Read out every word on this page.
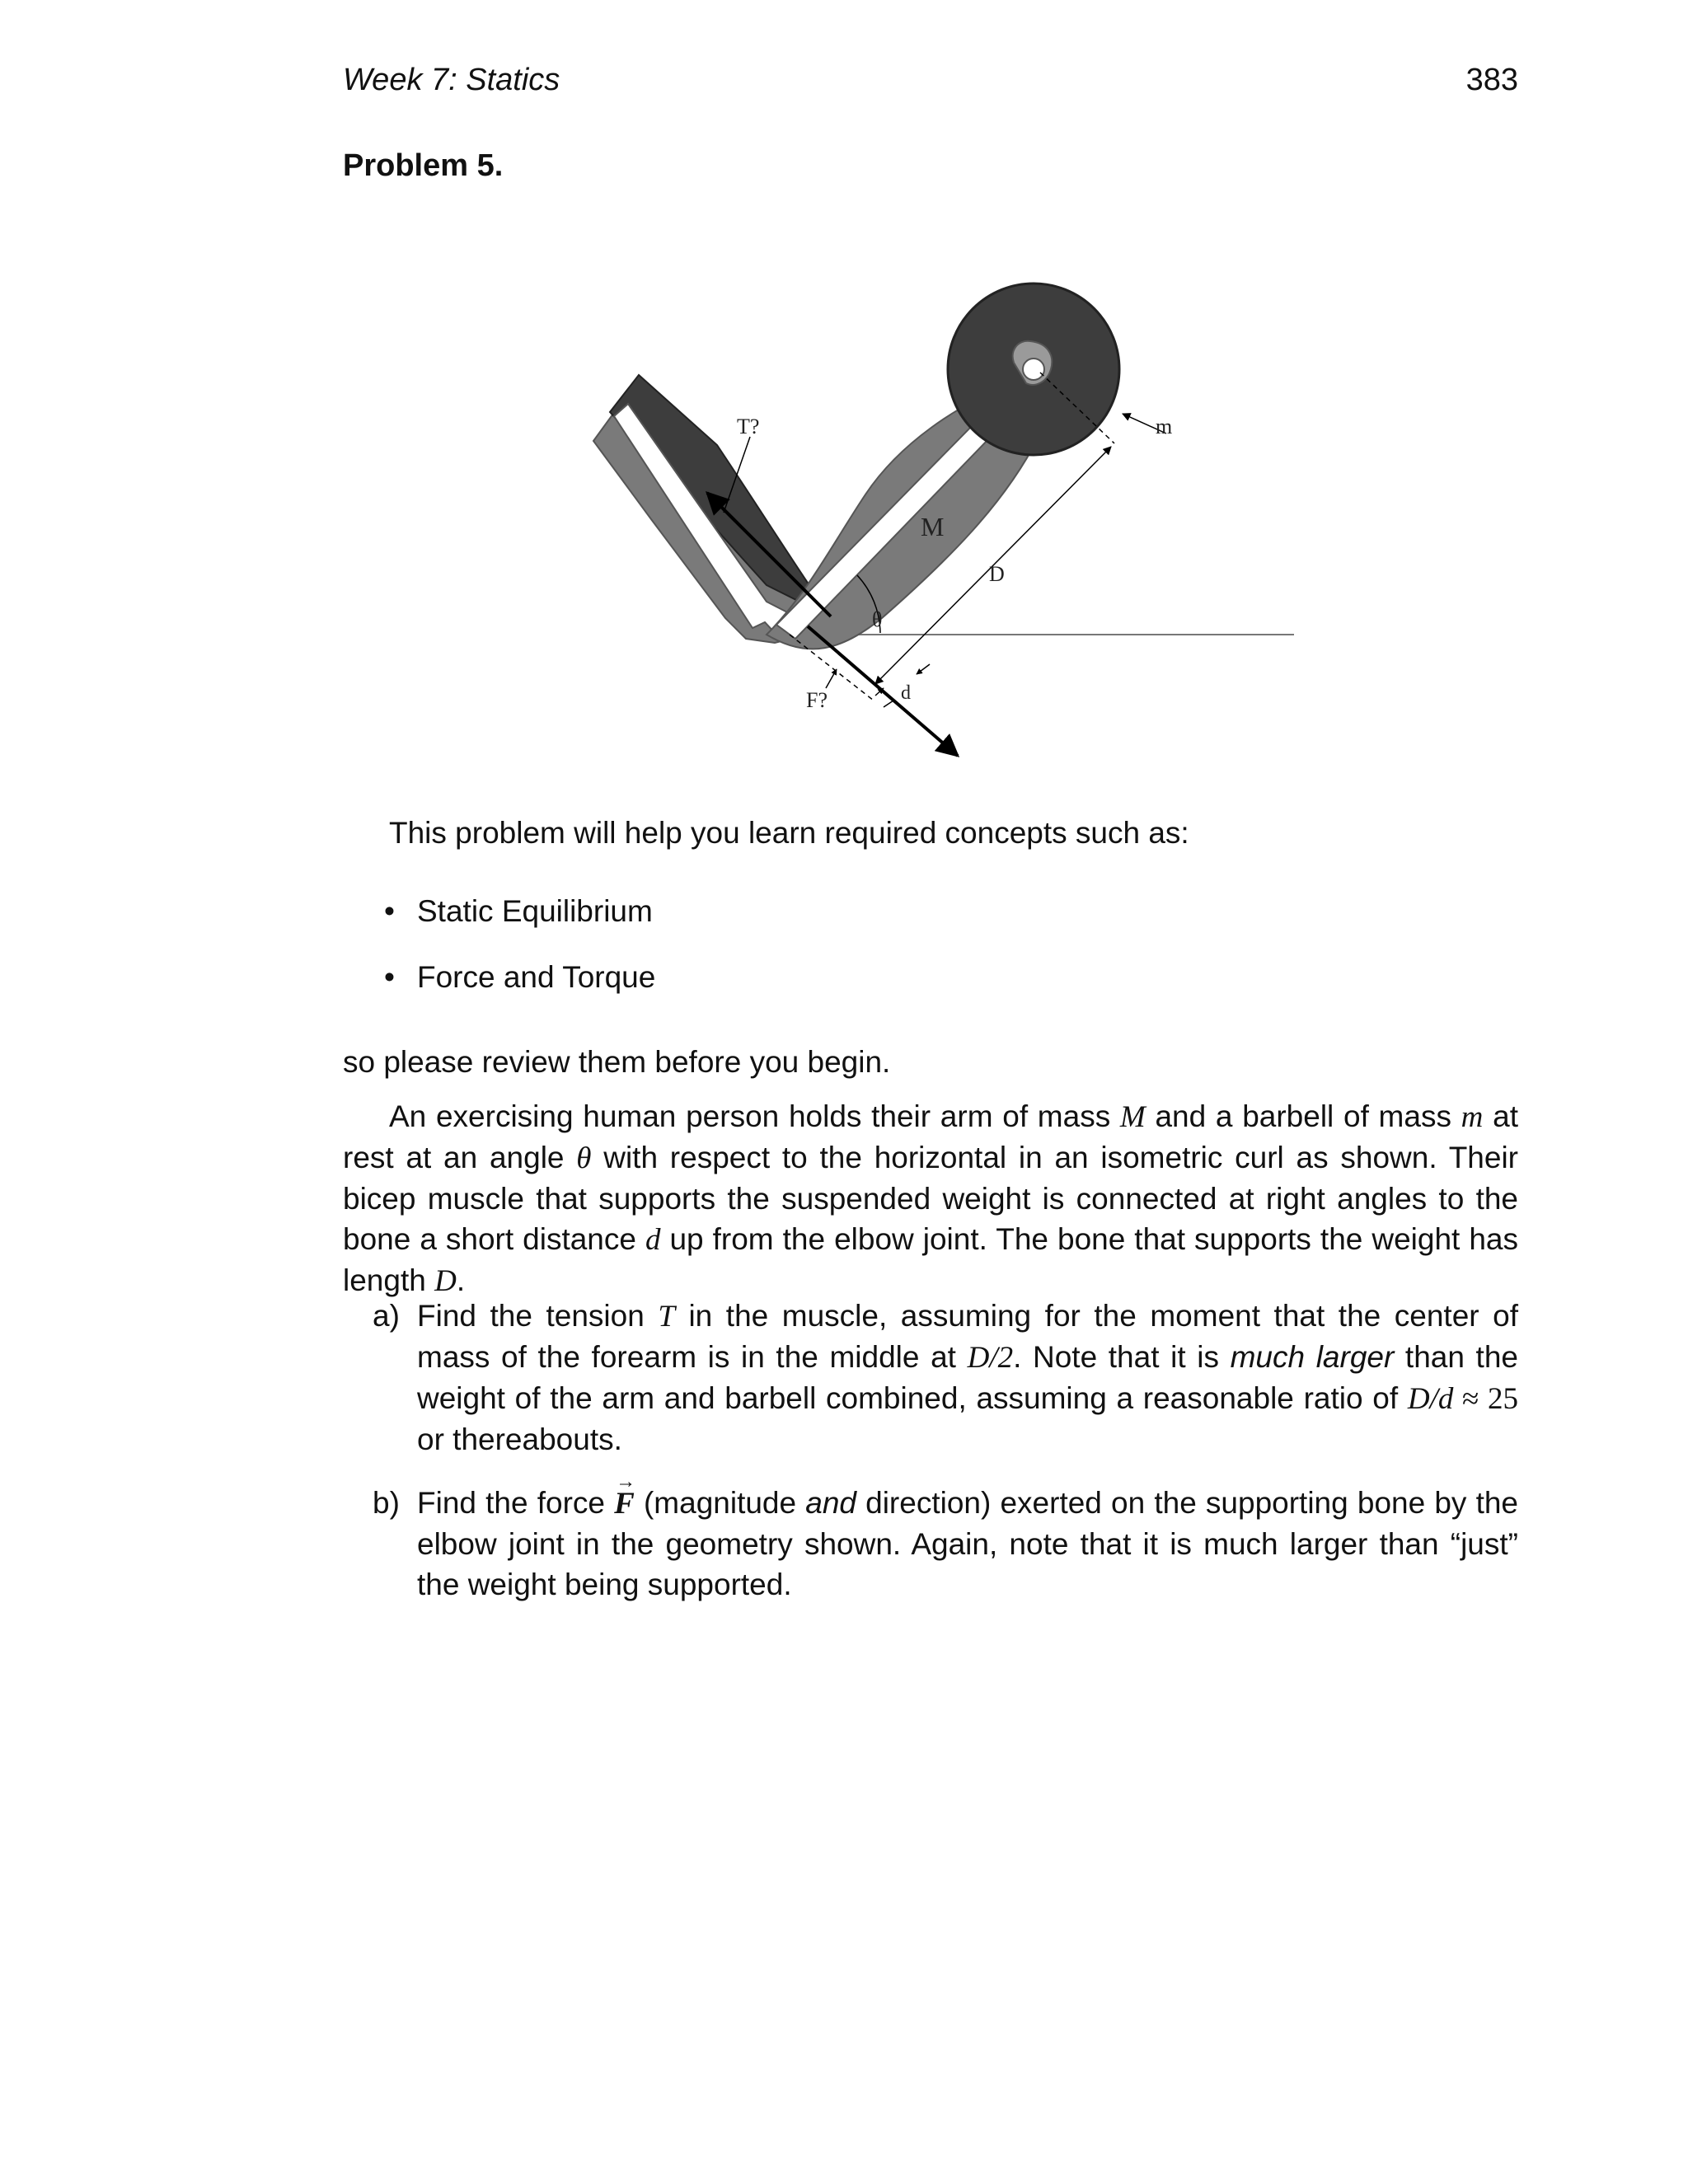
Week 7: Statics	383
Problem 5.
T?
M
D
θ
F?	d
m
This problem will help you learn required concepts such as:
• Static Equilibrium
• Force and Torque
so please review them before you begin.
An exercising human person holds their arm of mass M and a barbell of mass m at rest at an angle θ with respect to the horizontal in an isometric curl as shown. Their bicep muscle that supports the suspended weight is connected at right angles to the bone a short distance d up from the elbow joint. The bone that supports the weight has length D.
a) Find the tension T in the muscle, assuming for the moment that the center of mass of the forearm is in the middle at D/2. Note that it is much larger than the weight of the arm and barbell combined, assuming a reasonable ratio of D/d ≈ 25 or thereabouts.
b) Find the force F → (magnitude and direction) exerted on the supporting bone by the elbow joint in the geometry shown. Again, note that it is much larger than “just” the weight being supported.
